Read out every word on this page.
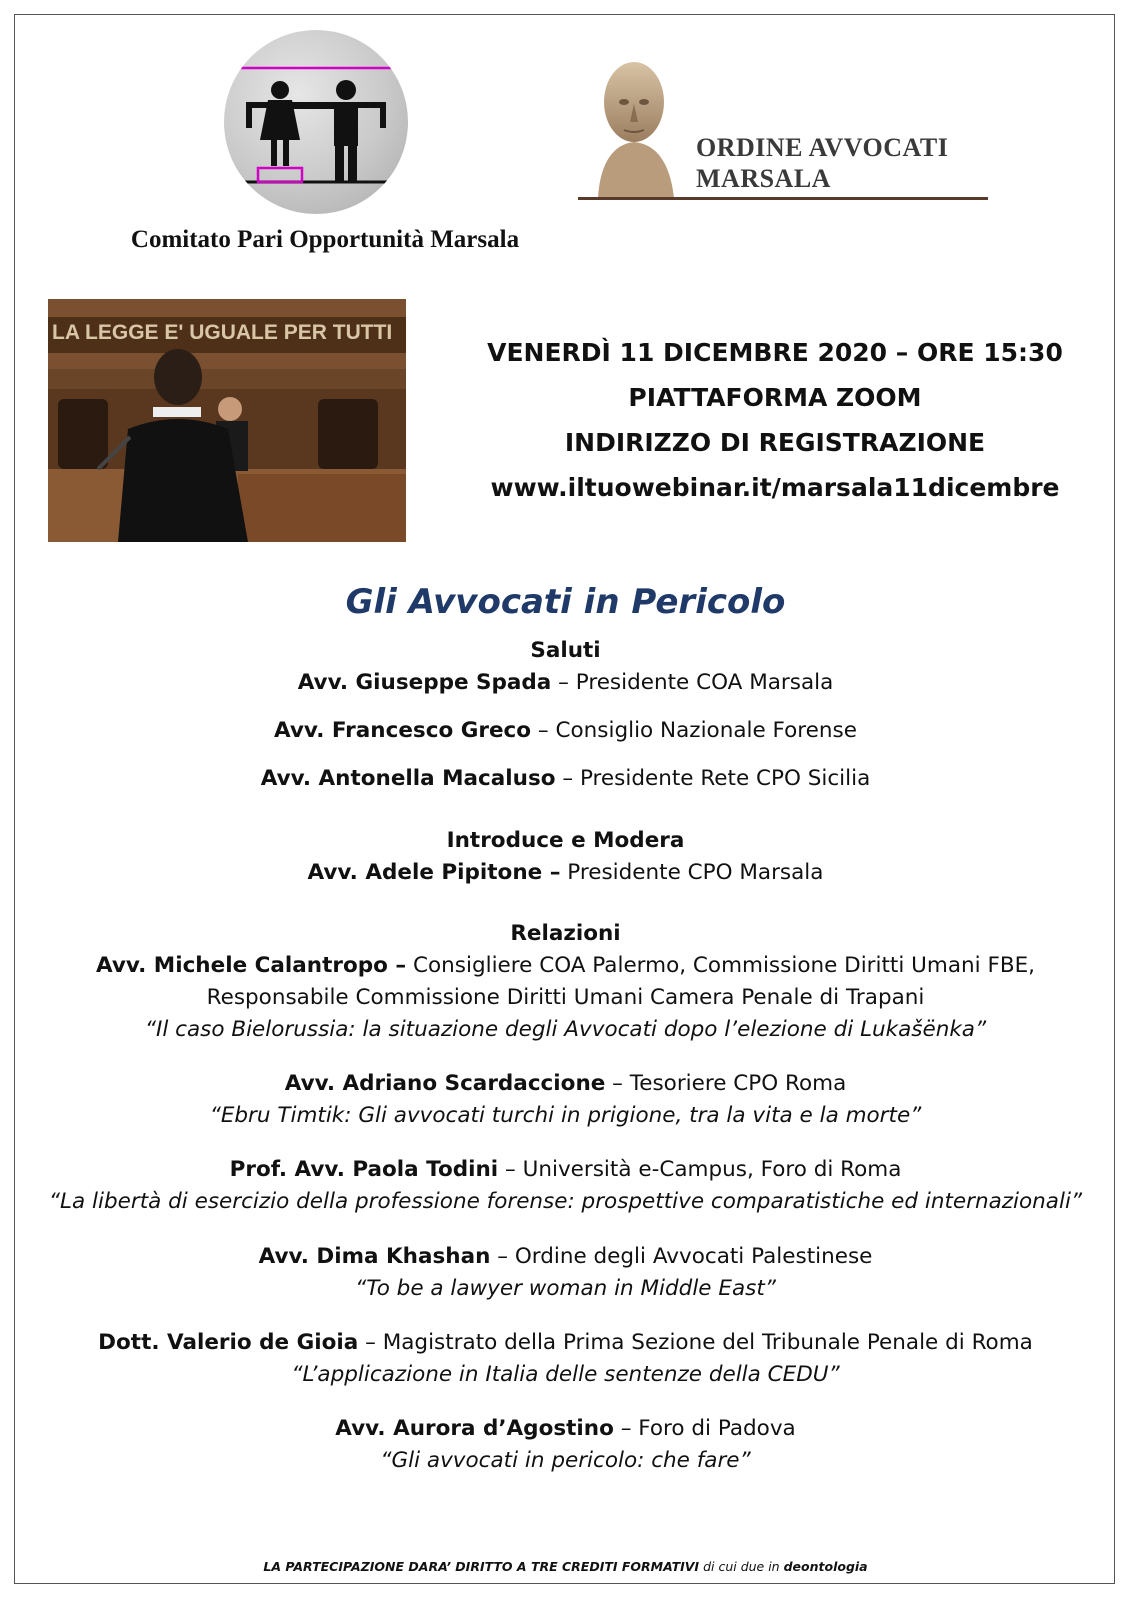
Comitato Pari Opportunità Marsala
ORDINE AVVOCATI
MARSALA
LA LEGGE E' UGUALE PER TUTTI
VENERDÌ 11 DICEMBRE 2020 – ORE 15:30
PIATTAFORMA ZOOM
INDIRIZZO DI REGISTRAZIONE
www.iltuowebinar.it/marsala11dicembre
Gli Avvocati in Pericolo
Saluti
Avv. Giuseppe Spada – Presidente COA Marsala
Avv. Francesco Greco – Consiglio Nazionale Forense
Avv. Antonella Macaluso – Presidente Rete CPO Sicilia
Introduce e Modera
Avv. Adele Pipitone – Presidente CPO Marsala
Relazioni
Avv. Michele Calantropo – Consigliere COA Palermo, Commissione Diritti Umani FBE,
Responsabile Commissione Diritti Umani Camera Penale di Trapani
“Il caso Bielorussia: la situazione degli Avvocati dopo l’elezione di Lukašënka”
Avv. Adriano Scardaccione – Tesoriere CPO Roma
“Ebru Timtik: Gli avvocati turchi in prigione, tra la vita e la morte”
Prof. Avv. Paola Todini – Università e-Campus, Foro di Roma
“La libertà di esercizio della professione forense: prospettive comparatistiche ed internazionali”
Avv. Dima Khashan – Ordine degli Avvocati Palestinese
“To be a lawyer woman in Middle East”
Dott. Valerio de Gioia – Magistrato della Prima Sezione del Tribunale Penale di Roma
“L’applicazione in Italia delle sentenze della CEDU”
Avv. Aurora d’Agostino – Foro di Padova
“Gli avvocati in pericolo: che fare”
LA PARTECIPAZIONE DARA’ DIRITTO A TRE CREDITI FORMATIVI di cui due in deontologia
